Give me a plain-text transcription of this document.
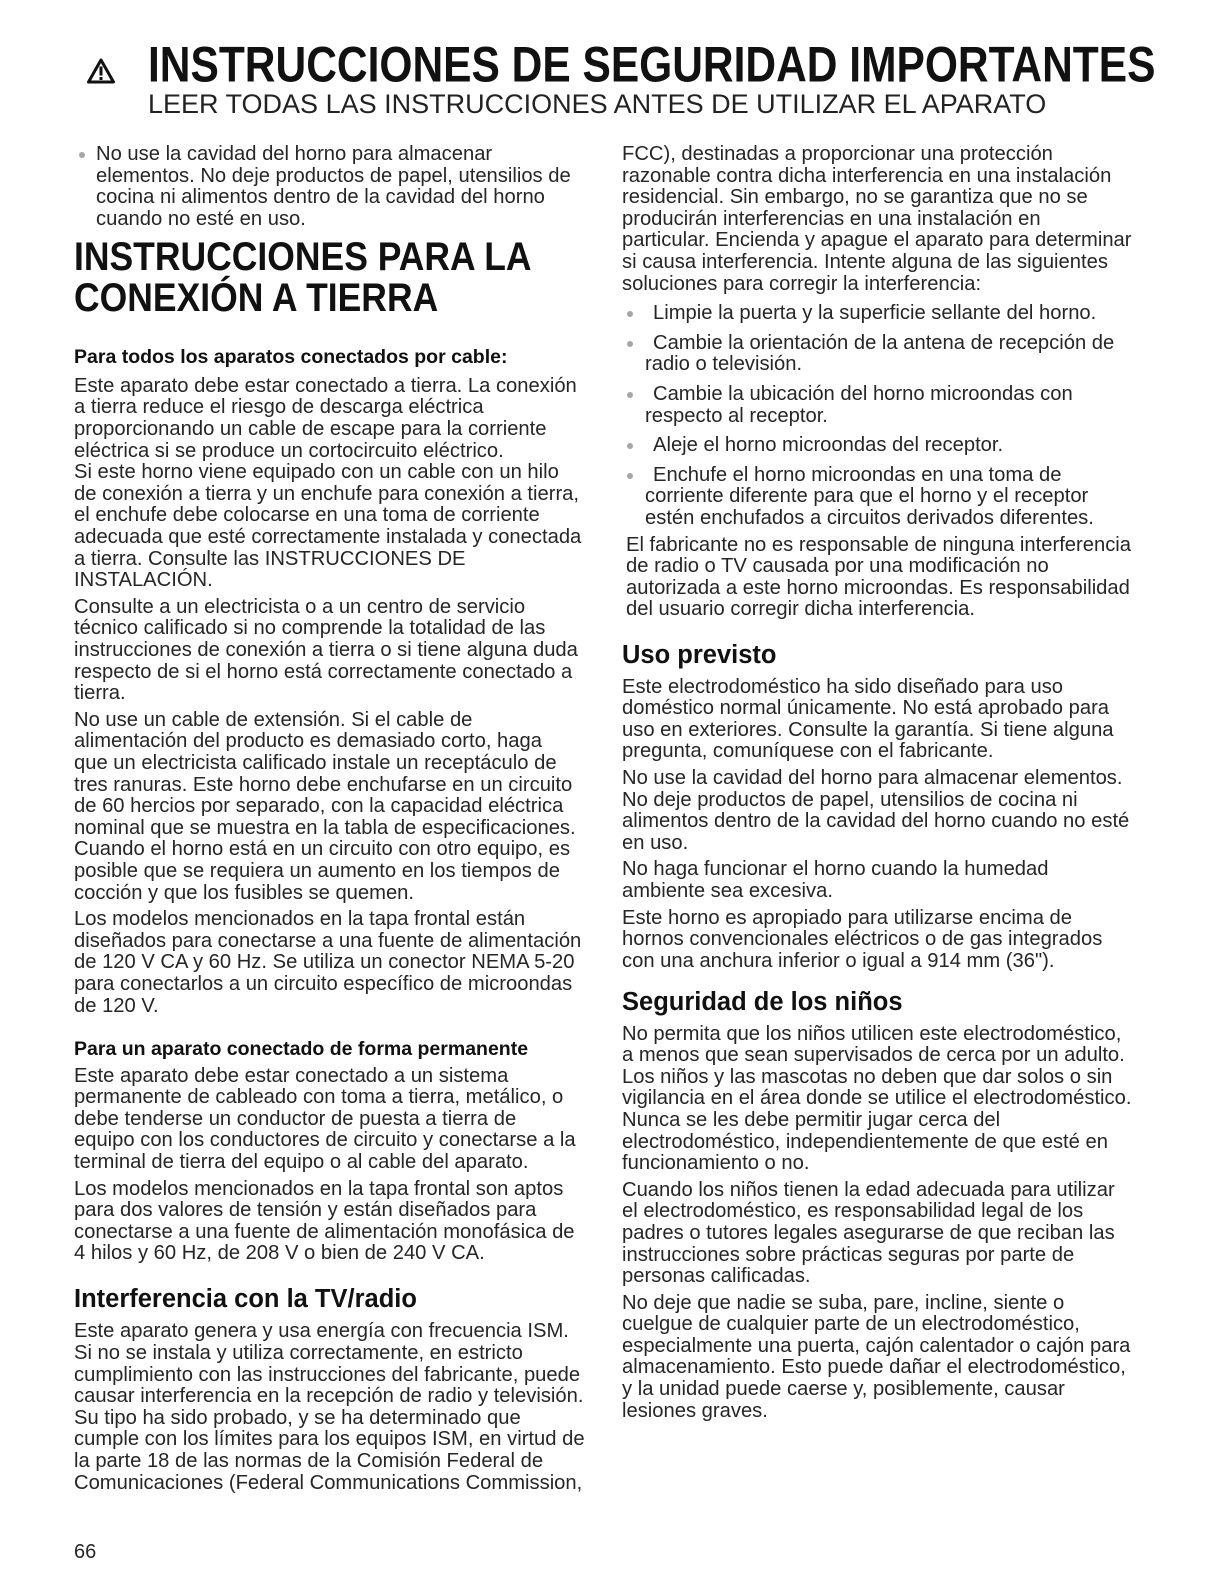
INSTRUCCIONES DE SEGURIDAD IMPORTANTES
LEER TODAS LAS INSTRUCCIONES ANTES DE UTILIZAR EL APARATO
No use la cavidad del horno para almacenar
elementos. No deje productos de papel, utensilios de
cocina ni alimentos dentro de la cavidad del horno
cuando no esté en uso.
INSTRUCCIONES PARA LA
CONEXIÓN A TIERRA
Para todos los aparatos conectados por cable:
Este aparato debe estar conectado a tierra. La conexión
a tierra reduce el riesgo de descarga eléctrica
proporcionando un cable de escape para la corriente
eléctrica si se produce un cortocircuito eléctrico.
Si este horno viene equipado con un cable con un hilo
de conexión a tierra y un enchufe para conexión a tierra,
el enchufe debe colocarse en una toma de corriente
adecuada que esté correctamente instalada y conectada
a tierra. Consulte las INSTRUCCIONES DE
INSTALACIÓN.
Consulte a un electricista o a un centro de servicio
técnico calificado si no comprende la totalidad de las
instrucciones de conexión a tierra o si tiene alguna duda
respecto de si el horno está correctamente conectado a
tierra.
No use un cable de extensión. Si el cable de
alimentación del producto es demasiado corto, haga
que un electricista calificado instale un receptáculo de
tres ranuras. Este horno debe enchufarse en un circuito
de 60 hercios por separado, con la capacidad eléctrica
nominal que se muestra en la tabla de especificaciones.
Cuando el horno está en un circuito con otro equipo, es
posible que se requiera un aumento en los tiempos de
cocción y que los fusibles se quemen.
Los modelos mencionados en la tapa frontal están
diseñados para conectarse a una fuente de alimentación
de 120 V CA y 60 Hz. Se utiliza un conector NEMA 5-20
para conectarlos a un circuito específico de microondas
de 120 V.
Para un aparato conectado de forma permanente
Este aparato debe estar conectado a un sistema
permanente de cableado con toma a tierra, metálico, o
debe tenderse un conductor de puesta a tierra de
equipo con los conductores de circuito y conectarse a la
terminal de tierra del equipo o al cable del aparato.
Los modelos mencionados en la tapa frontal son aptos
para dos valores de tensión y están diseñados para
conectarse a una fuente de alimentación monofásica de
4 hilos y 60 Hz, de 208 V o bien de 240 V CA.
Interferencia con la TV/radio
Este aparato genera y usa energía con frecuencia ISM.
Si no se instala y utiliza correctamente, en estricto
cumplimiento con las instrucciones del fabricante, puede
causar interferencia en la recepción de radio y televisión.
Su tipo ha sido probado, y se ha determinado que
cumple con los límites para los equipos ISM, en virtud de
la parte 18 de las normas de la Comisión Federal de
Comunicaciones (Federal Communications Commission,
FCC), destinadas a proporcionar una protección
razonable contra dicha interferencia en una instalación
residencial. Sin embargo, no se garantiza que no se
producirán interferencias en una instalación en
particular. Encienda y apague el aparato para determinar
si causa interferencia. Intente alguna de las siguientes
soluciones para corregir la interferencia:
Limpie la puerta y la superficie sellante del horno.
Cambie la orientación de la antena de recepción de
radio o televisión.
Cambie la ubicación del horno microondas con
respecto al receptor.
Aleje el horno microondas del receptor.
Enchufe el horno microondas en una toma de
corriente diferente para que el horno y el receptor
estén enchufados a circuitos derivados diferentes.
El fabricante no es responsable de ninguna interferencia
de radio o TV causada por una modificación no
autorizada a este horno microondas. Es responsabilidad
del usuario corregir dicha interferencia.
Uso previsto
Este electrodoméstico ha sido diseñado para uso
doméstico normal únicamente. No está aprobado para
uso en exteriores. Consulte la garantía. Si tiene alguna
pregunta, comuníquese con el fabricante.
No use la cavidad del horno para almacenar elementos.
No deje productos de papel, utensilios de cocina ni
alimentos dentro de la cavidad del horno cuando no esté
en uso.
No haga funcionar el horno cuando la humedad
ambiente sea excesiva.
Este horno es apropiado para utilizarse encima de
hornos convencionales eléctricos o de gas integrados
con una anchura inferior o igual a 914 mm (36").
Seguridad de los niños
No permita que los niños utilicen este electrodoméstico,
a menos que sean supervisados de cerca por un adulto.
Los niños y las mascotas no deben que dar solos o sin
vigilancia en el área donde se utilice el electrodoméstico.
Nunca se les debe permitir jugar cerca del
electrodoméstico, independientemente de que esté en
funcionamiento o no.
Cuando los niños tienen la edad adecuada para utilizar
el electrodoméstico, es responsabilidad legal de los
padres o tutores legales asegurarse de que reciban las
instrucciones sobre prácticas seguras por parte de
personas calificadas.
No deje que nadie se suba, pare, incline, siente o
cuelgue de cualquier parte de un electrodoméstico,
especialmente una puerta, cajón calentador o cajón para
almacenamiento. Esto puede dañar el electrodoméstico,
y la unidad puede caerse y, posiblemente, causar
lesiones graves.
66
